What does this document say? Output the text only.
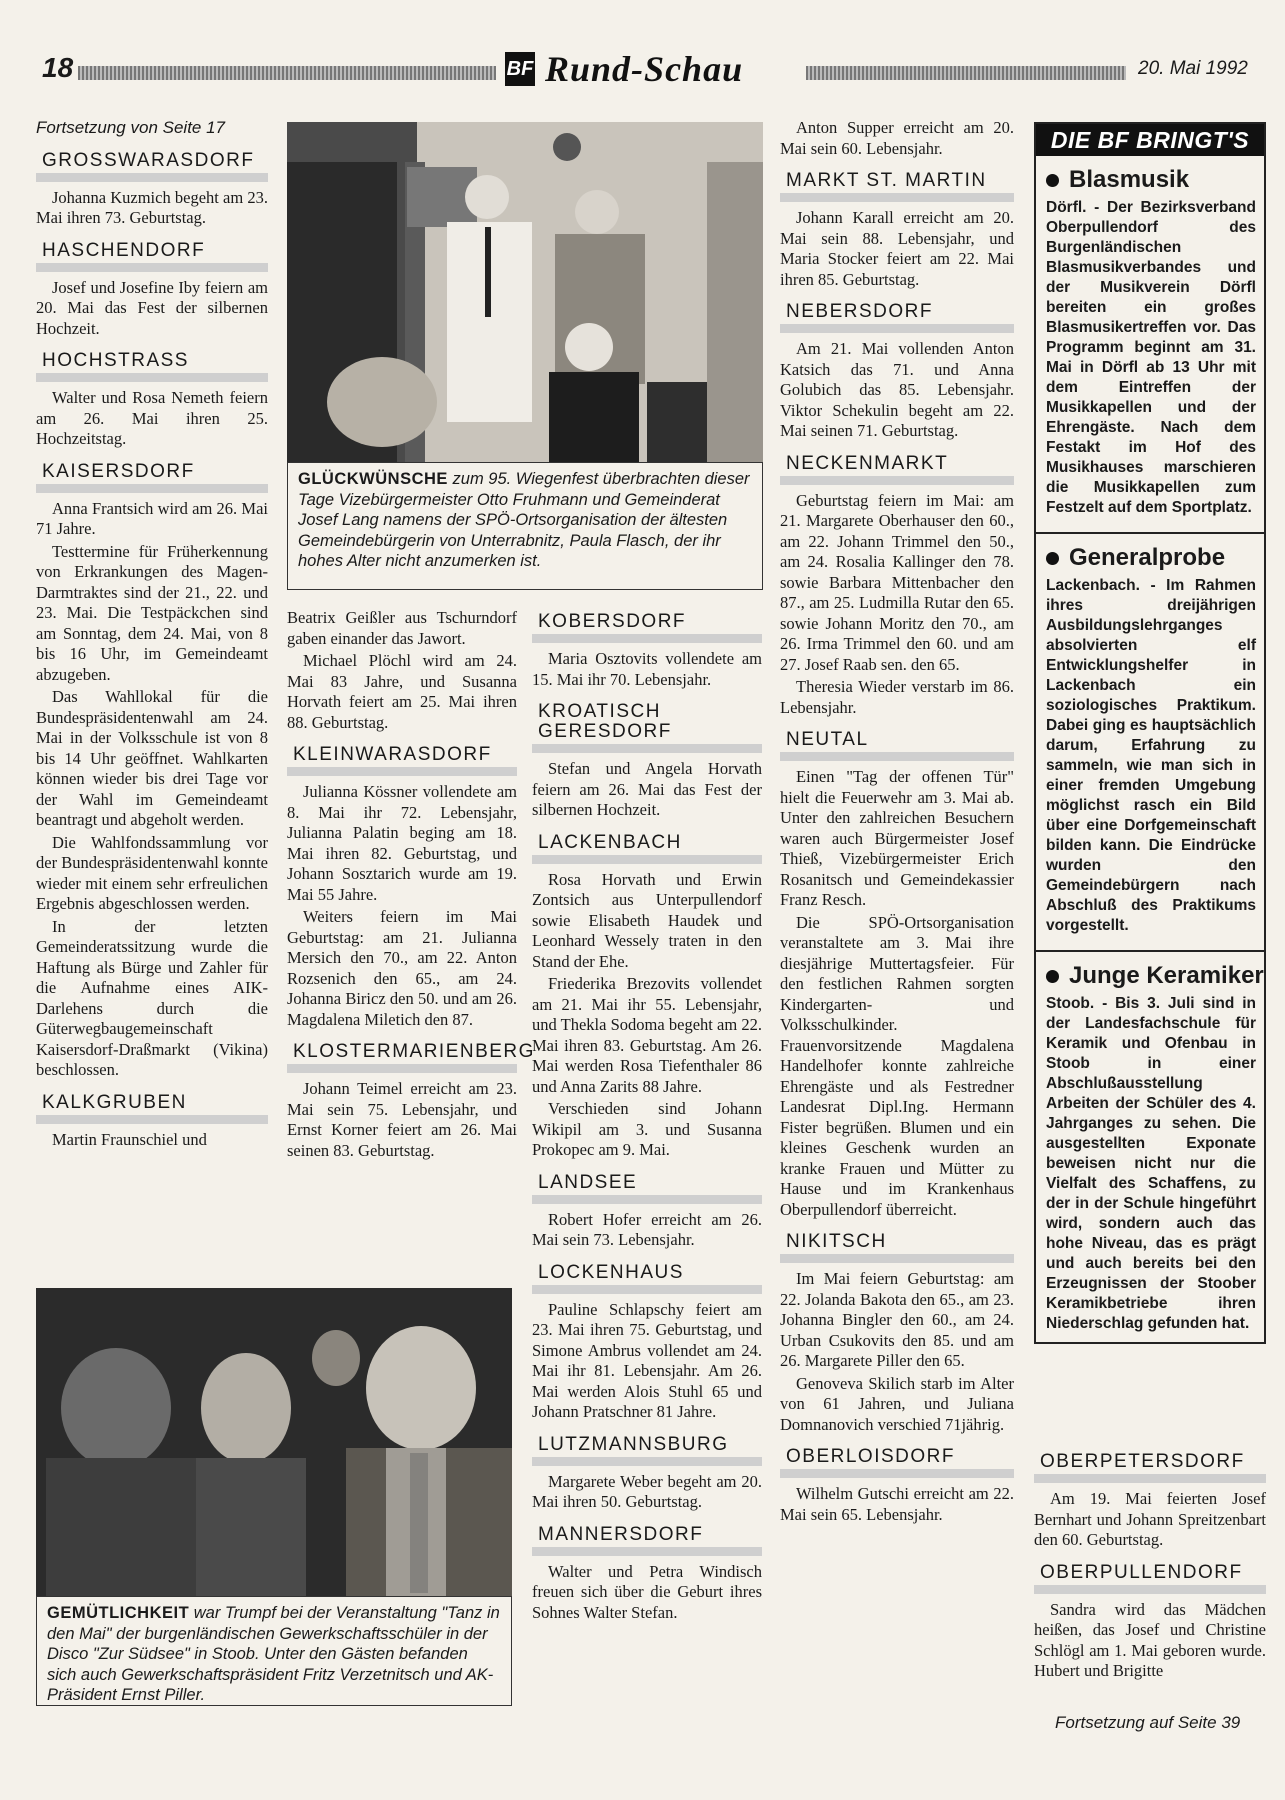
18	BF Rund-Schau	20. Mai 1992
Fortsetzung von Seite 17
GROSSWARASDORF

Johanna Kuzmich begeht am 23. Mai ihren 73. Geburtstag.

HASCHENDORF

Josef und Josefine Iby feiern am 20. Mai das Fest der silbernen Hochzeit.

HOCHSTRASS

Walter und Rosa Nemeth feiern am 26. Mai ihren 25. Hochzeitstag.

KAISERSDORF

Anna Frantsich wird am 26. Mai 71 Jahre.

Testtermine für Früherkennung von Erkrankungen des Magen-Darmtraktes sind der 21., 22. und 23. Mai. Die Testpäckchen sind am Sonntag, dem 24. Mai, von 8 bis 16 Uhr, im Gemeindeamt abzugeben.

Das Wahllokal für die Bundespräsidentenwahl am 24. Mai in der Volksschule ist von 8 bis 14 Uhr geöffnet. Wahlkarten können wieder bis drei Tage vor der Wahl im Gemeindeamt beantragt und abgeholt werden.

Die Wahlfondssammlung vor der Bundespräsidentenwahl konnte wieder mit einem sehr erfreulichen Ergebnis abgeschlossen werden.

In der letzten Gemeinderatssitzung wurde die Haftung als Bürge und Zahler für die Aufnahme eines AIK-Darlehens durch die Güterwegbaugemeinschaft Kaisersdorf-Draßmarkt (Vikina) beschlossen.

KALKGRUBEN

Martin Fraunschiel und

GLÜCKWÜNSCHE zum 95. Wiegenfest überbrachten dieser Tage Vizebürgermeister Otto Fruhmann und Gemeinderat Josef Lang namens der SPÖ-Ortsorganisation der ältesten Gemeindebürgerin von Unterrabnitz, Paula Flasch, der ihr hohes Alter nicht anzumerken ist.

Beatrix Geißler aus Tschurndorf gaben einander das Jawort.

Michael Plöchl wird am 24. Mai 83 Jahre, und Susanna Horvath feiert am 25. Mai ihren 88. Geburtstag.

KLEINWARASDORF

Julianna Kössner vollendete am 8. Mai ihr 72. Lebensjahr, Julianna Palatin beging am 18. Mai ihren 82. Geburtstag, und Johann Sosztarich wurde am 19. Mai 55 Jahre.

Weiters feiern im Mai Geburtstag: am 21. Julianna Mersich den 70., am 22. Anton Rozsenich den 65., am 24. Johanna Biricz den 50. und am 26. Magdalena Miletich den 87.

KLOSTERMARIENBERG

Johann Teimel erreicht am 23. Mai sein 75. Lebensjahr, und Ernst Korner feiert am 26. Mai seinen 83. Geburtstag.

KOBERSDORF

Maria Osztovits vollendete am 15. Mai ihr 70. Lebensjahr.

KROATISCH GERESDORF

Stefan und Angela Horvath feiern am 26. Mai das Fest der silbernen Hochzeit.

LACKENBACH

Rosa Horvath und Erwin Zontsich aus Unterpullendorf sowie Elisabeth Haudek und Leonhard Wessely traten in den Stand der Ehe.

Friederika Brezovits vollendet am 21. Mai ihr 55. Lebensjahr, und Thekla Sodoma begeht am 22. Mai ihren 83. Geburtstag. Am 26. Mai werden Rosa Tiefenthaler 86 und Anna Zarits 88 Jahre.

Verschieden sind Johann Wikipil am 3. und Susanna Prokopec am 9. Mai.

LANDSEE

Robert Hofer erreicht am 26. Mai sein 73. Lebensjahr.

LOCKENHAUS

Pauline Schlapschy feiert am 23. Mai ihren 75. Geburtstag, und Simone Ambrus vollendet am 24. Mai ihr 81. Lebensjahr. Am 26. Mai werden Alois Stuhl 65 und Johann Pratschner 81 Jahre.

LUTZMANNSBURG

Margarete Weber begeht am 20. Mai ihren 50. Geburtstag.

MANNERSDORF

Walter und Petra Windisch freuen sich über die Geburt ihres Sohnes Walter Stefan.

GEMÜTLICHKEIT war Trumpf bei der Veranstaltung "Tanz in den Mai" der burgenländischen Gewerkschaftsschüler in der Disco "Zur Südsee" in Stoob. Unter den Gästen befanden sich auch Gewerkschaftspräsident Fritz Verzetnitsch und AK-Präsident Ernst Piller.

Anton Supper erreicht am 20. Mai sein 60. Lebensjahr.

MARKT ST. MARTIN

Johann Karall erreicht am 20. Mai sein 88. Lebensjahr, und Maria Stocker feiert am 22. Mai ihren 85. Geburtstag.

NEBERSDORF

Am 21. Mai vollenden Anton Katsich das 71. und Anna Golubich das 85. Lebensjahr. Viktor Schekulin begeht am 22. Mai seinen 71. Geburtstag.

NECKENMARKT

Geburtstag feiern im Mai: am 21. Margarete Oberhauser den 60., am 22. Johann Trimmel den 50., am 24. Rosalia Kallinger den 78. sowie Barbara Mittenbacher den 87., am 25. Ludmilla Rutar den 65. sowie Johann Moritz den 70., am 26. Irma Trimmel den 60. und am 27. Josef Raab sen. den 65.

Theresia Wieder verstarb im 86. Lebensjahr.

NEUTAL

Einen "Tag der offenen Tür" hielt die Feuerwehr am 3. Mai ab. Unter den zahlreichen Besuchern waren auch Bürgermeister Josef Thieß, Vizebürgermeister Erich Rosanitsch und Gemeindekassier Franz Resch.

Die SPÖ-Ortsorganisation veranstaltete am 3. Mai ihre diesjährige Muttertagsfeier. Für den festlichen Rahmen sorgten Kindergarten- und Volksschulkinder. Frauenvorsitzende Magdalena Handelhofer konnte zahlreiche Ehrengäste und als Festredner Landesrat Dipl.Ing. Hermann Fister begrüßen. Blumen und ein kleines Geschenk wurden an kranke Frauen und Mütter zu Hause und im Krankenhaus Oberpullendorf überreicht.

NIKITSCH

Im Mai feiern Geburtstag: am 22. Jolanda Bakota den 65., am 23. Johanna Bingler den 60., am 24. Urban Csukovits den 85. und am 26. Margarete Piller den 65.

Genoveva Skilich starb im Alter von 61 Jahren, und Juliana Domnanovich verschied 71jährig.

OBERLOISDORF

Wilhelm Gutschi erreicht am 22. Mai sein 65. Lebensjahr.

DIE BF BRINGT'S
Blasmusik

Dörfl. - Der Bezirksverband Oberpullendorf des Burgenländischen Blasmusikverbandes und der Musikverein Dörfl bereiten ein großes Blasmusikertreffen vor. Das Programm beginnt am 31. Mai in Dörfl ab 13 Uhr mit dem Eintreffen der Musikkapellen und der Ehrengäste. Nach dem Festakt im Hof des Musikhauses marschieren die Musikkapellen zum Festzelt auf dem Sportplatz.

Generalprobe

Lackenbach. - Im Rahmen ihres dreijährigen Ausbildungslehrganges absolvierten elf Entwicklungshelfer in Lackenbach ein soziologisches Praktikum. Dabei ging es hauptsächlich darum, Erfahrung zu sammeln, wie man sich in einer fremden Umgebung möglichst rasch ein Bild über eine Dorfgemeinschaft bilden kann. Die Eindrücke wurden den Gemeindebürgern nach Abschluß des Praktikums vorgestellt.

Junge Keramiker

Stoob. - Bis 3. Juli sind in der Landesfachschule für Keramik und Ofenbau in Stoob in einer Abschlußausstellung Arbeiten der Schüler des 4. Jahrganges zu sehen. Die ausgestellten Exponate beweisen nicht nur die Vielfalt des Schaffens, zu der in der Schule hingeführt wird, sondern auch das hohe Niveau, das es prägt und auch bereits bei den Erzeugnissen der Stoober Keramikbetriebe ihren Niederschlag gefunden hat.

OBERPETERSDORF

Am 19. Mai feierten Josef Bernhart und Johann Spreitzenbart den 60. Geburtstag.

OBERPULLENDORF

Sandra wird das Mädchen heißen, das Josef und Christine Schlögl am 1. Mai geboren wurde. Hubert und Brigitte

Fortsetzung auf Seite 39
